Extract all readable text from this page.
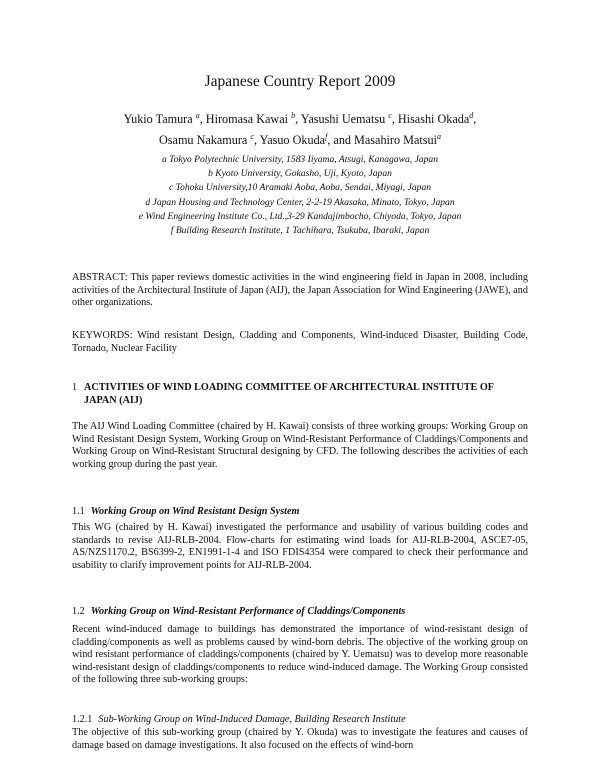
Japanese Country Report 2009
Yukio Tamura $^a$, Hiromasa Kawai $^b$, Yasushi Uematsu $^c$, Hisashi Okada$^d$,
Osamu Nakamura $^c$, Yasuo Okuda$^f$, and Masahiro Matsui$^a$
a Tokyo Polytechnic University, 1583 Iiyama, Atsugi, Kanagawa, Japan
b Kyoto University, Gokasho, Uji, Kyoto, Japan
c Tohoku University,10 Aramaki Aoba, Aoba, Sendai, Miyagi, Japan
d Japan Housing and Technology Center, 2-2-19 Akasaka, Minato, Tokyo, Japan
e Wind Engineering Institute Co., Ltd.,3-29 Kandajimbocho, Chiyoda, Tokyo, Japan
f Building Research Institute, 1 Tachihara, Tsukuba, Ibaraki, Japan
ABSTRACT: This paper reviews domestic activities in the wind engineering field in Japan in 2008, including activities of the Architectural Institute of Japan (AIJ), the Japan Association for Wind Engineering (JAWE), and other organizations.
KEYWORDS: Wind resistant Design, Cladding and Components, Wind-induced Disaster, Building Code, Tornado, Nuclear Facility
1 ACTIVITIES OF WIND LOADING COMMITTEE OF ARCHITECTURAL INSTITUTE OF JAPAN (AIJ)
The AIJ Wind Loading Committee (chaired by H. Kawai) consists of three working groups: Working Group on Wind Resistant Design System, Working Group on Wind-Resistant Performance of Claddings/Components and Working Group on Wind-Resistant Structural designing by CFD. The following describes the activities of each working group during the past year.
1.1 Working Group on Wind Resistant Design System
This WG (chaired by H. Kawai) investigated the performance and usability of various building codes and standards to revise AIJ-RLB-2004. Flow-charts for estimating wind loads for AIJ-RLB-2004, ASCE7-05, AS/NZS1170.2, BS6399-2, EN1991-1-4 and ISO FDIS4354 were compared to check their performance and usability to clarify improvement points for AIJ-RLB-2004.
1.2 Working Group on Wind-Resistant Performance of Claddings/Components
Recent wind-induced damage to buildings has demonstrated the importance of wind-resistant design of cladding/components as well as problems caused by wind-born debris. The objective of the working group on wind resistant performance of claddings/components (chaired by Y. Uematsu) was to develop more reasonable wind-resistant design of claddings/components to reduce wind-induced damage. The Working Group consisted of the following three sub-working groups:
1.2.1 Sub-Working Group on Wind-Induced Damage, Building Research Institute
The objective of this sub-working group (chaired by Y. Okuda) was to investigate the features and causes of damage based on damage investigations. It also focused on the effects of wind-born
